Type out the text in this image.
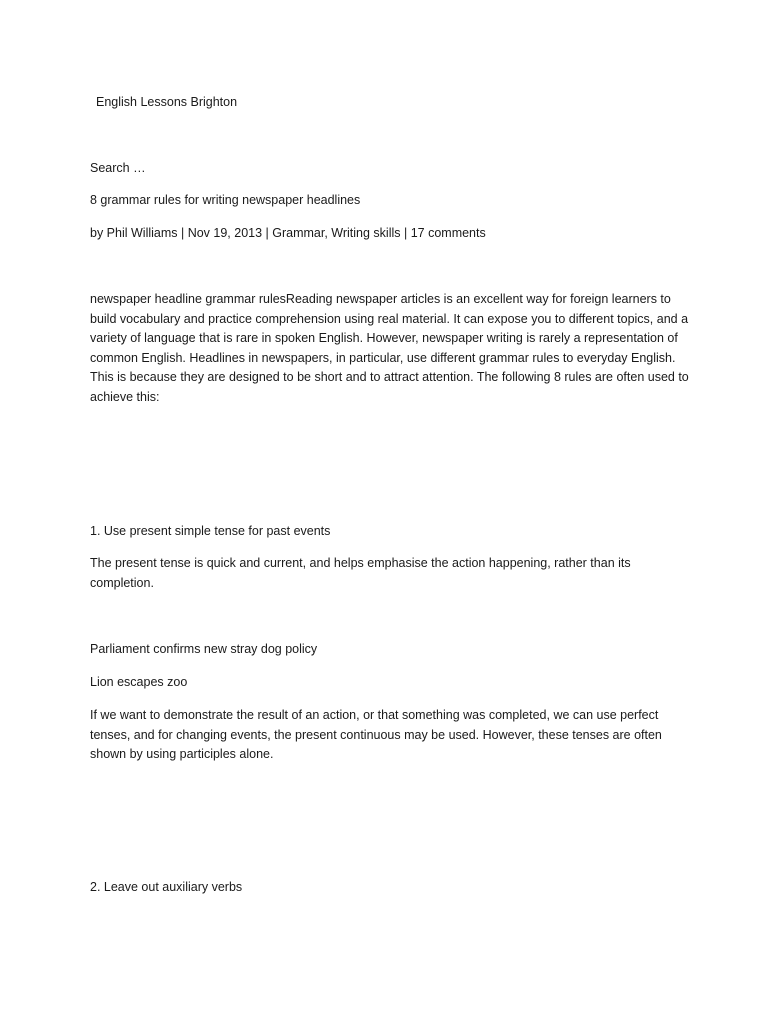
English Lessons Brighton

Search …

8 grammar rules for writing newspaper headlines

by Phil Williams | Nov 19, 2013 | Grammar, Writing skills | 17 comments

newspaper headline grammar rulesReading newspaper articles is an excellent way for foreign learners to build vocabulary and practice comprehension using real material. It can expose you to different topics, and a variety of language that is rare in spoken English. However, newspaper writing is rarely a representation of common English. Headlines in newspapers, in particular, use different grammar rules to everyday English. This is because they are designed to be short and to attract attention. The following 8 rules are often used to achieve this:

1. Use present simple tense for past events

The present tense is quick and current, and helps emphasise the action happening, rather than its completion.

Parliament confirms new stray dog policy

Lion escapes zoo

If we want to demonstrate the result of an action, or that something was completed, we can use perfect tenses, and for changing events, the present continuous may be used. However, these tenses are often shown by using participles alone.

2. Leave out auxiliary verbs
